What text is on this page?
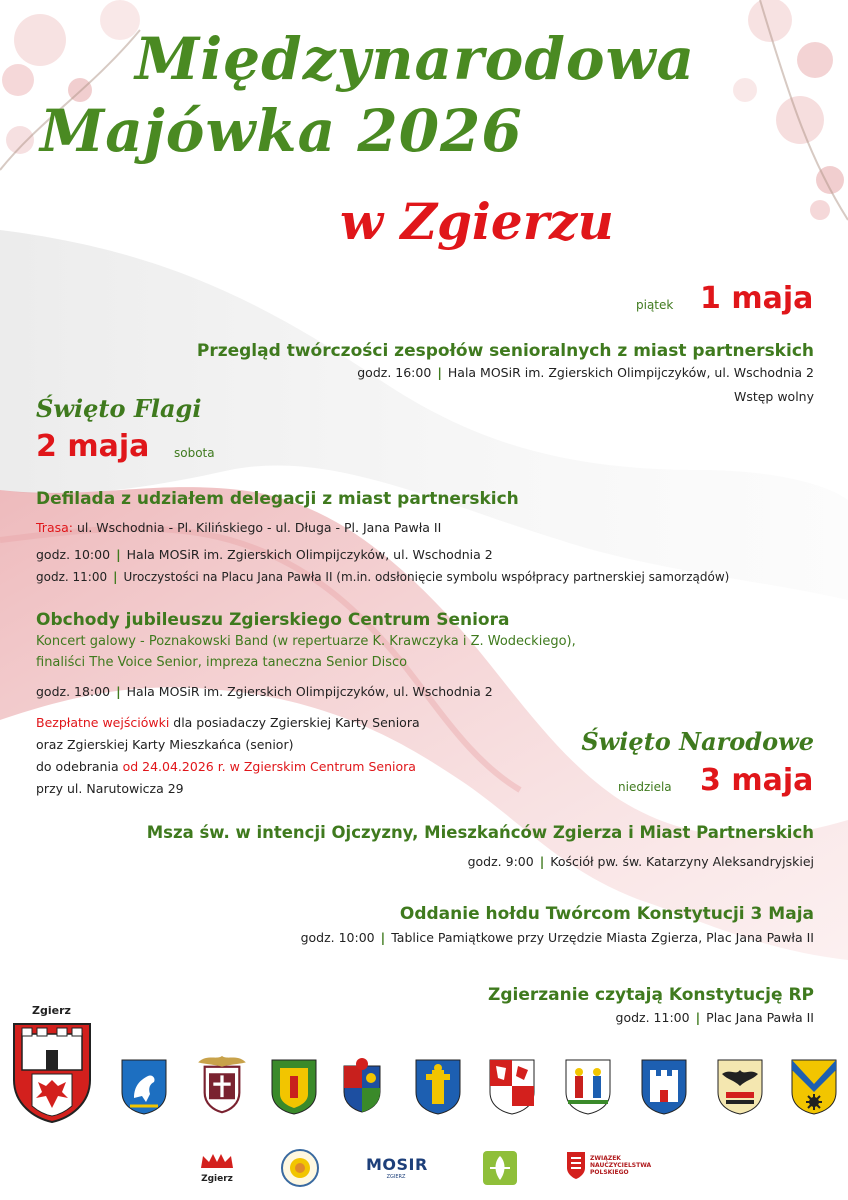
Międzynarodowa
Majówka 2026
w Zgierzu
piątek 1 maja
Przegląd twórczości zespołów senioralnych z miast partnerskich
godz. 16:00 | Hala MOSiR im. Zgierskich Olimpijczyków, ul. Wschodnia 2
Wstęp wolny
Święto Flagi
2 maja sobota
Defilada z udziałem delegacji z miast partnerskich
Trasa: ul. Wschodnia - Pl. Kilińskiego - ul. Długa - Pl. Jana Pawła II
godz. 10:00 | Hala MOSiR im. Zgierskich Olimpijczyków, ul. Wschodnia 2
godz. 11:00 | Uroczystości na Placu Jana Pawła II (m.in. odsłonięcie symbolu współpracy partnerskiej samorządów)
Obchody jubileuszu Zgierskiego Centrum Seniora
Koncert galowy - Poznakowski Band (w repertuarze K. Krawczyka i Z. Wodeckiego),
finaliści The Voice Senior, impreza taneczna Senior Disco
godz. 18:00 | Hala MOSiR im. Zgierskich Olimpijczyków, ul. Wschodnia 2
Bezpłatne wejściówki dla posiadaczy Zgierskiej Karty Seniora
oraz Zgierskiej Karty Mieszkańca (senior)
do odebrania od 24.04.2026 r. w Zgierskim Centrum Seniora
przy ul. Narutowicza 29
Święto Narodowe
niedziela 3 maja
Msza św. w intencji Ojczyzny, Mieszkańców Zgierza i Miast Partnerskich
godz. 9:00 | Kościół pw. św. Katarzyny Aleksandryjskiej
Oddanie hołdu Twórcom Konstytucji 3 Maja
godz. 10:00 | Tablice Pamiątkowe przy Urzędzie Miasta Zgierza, Plac Jana Pawła II
Zgierzanie czytają Konstytucję RP
godz. 11:00 | Plac Jana Pawła II
Zgierz
Zgierz
MOSIR
ZGIERZ
ZWIĄZEK NAUCZYCIELSTWA POLSKIEGO
